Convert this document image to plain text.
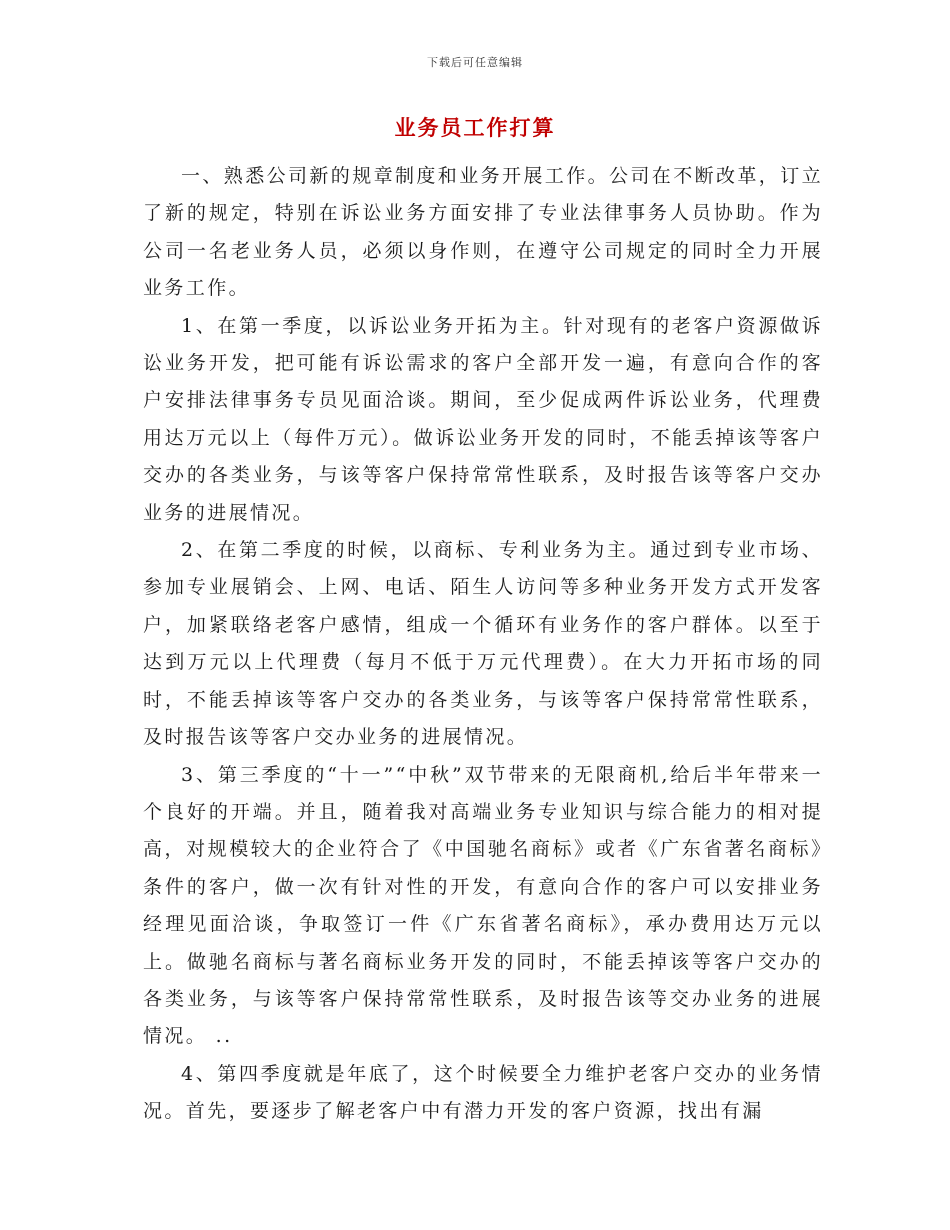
下载后可任意编辑
业务员工作打算

一、熟悉公司新的规章制度和业务开展工作。公司在不断改革，订立了新的规定，特别在诉讼业务方面安排了专业法律事务人员协助。作为公司一名老业务人员，必须以身作则，在遵守公司规定的同时全力开展业务工作。

1、在第一季度，以诉讼业务开拓为主。针对现有的老客户资源做诉讼业务开发，把可能有诉讼需求的客户全部开发一遍，有意向合作的客户安排法律事务专员见面洽谈。期间，至少促成两件诉讼业务，代理费用达万元以上（每件万元）。做诉讼业务开发的同时，不能丢掉该等客户交办的各类业务，与该等客户保持常常性联系，及时报告该等客户交办业务的进展情况。

2、在第二季度的时候，以商标、专利业务为主。通过到专业市场、参加专业展销会、上网、电话、陌生人访问等多种业务开发方式开发客户，加紧联络老客户感情，组成一个循环有业务作的客户群体。以至于达到万元以上代理费（每月不低于万元代理费）。在大力开拓市场的同时，不能丢掉该等客户交办的各类业务，与该等客户保持常常性联系，及时报告该等客户交办业务的进展情况。

3、第三季度的“十一”“中秋”双节带来的无限商机,给后半年带来一个良好的开端。并且，随着我对高端业务专业知识与综合能力的相对提高，对规模较大的企业符合了《中国驰名商标》或者《广东省著名商标》条件的客户，做一次有针对性的开发，有意向合作的客户可以安排业务经理见面洽谈，争取签订一件《广东省著名商标》，承办费用达万元以上。做驰名商标与著名商标业务开发的同时，不能丢掉该等客户交办的各类业务，与该等客户保持常常性联系，及时报告该等交办业务的进展情况。 ..

4、第四季度就是年底了，这个时候要全力维护老客户交办的业务情况。首先，要逐步了解老客户中有潜力开发的客户资源，找出有漏
